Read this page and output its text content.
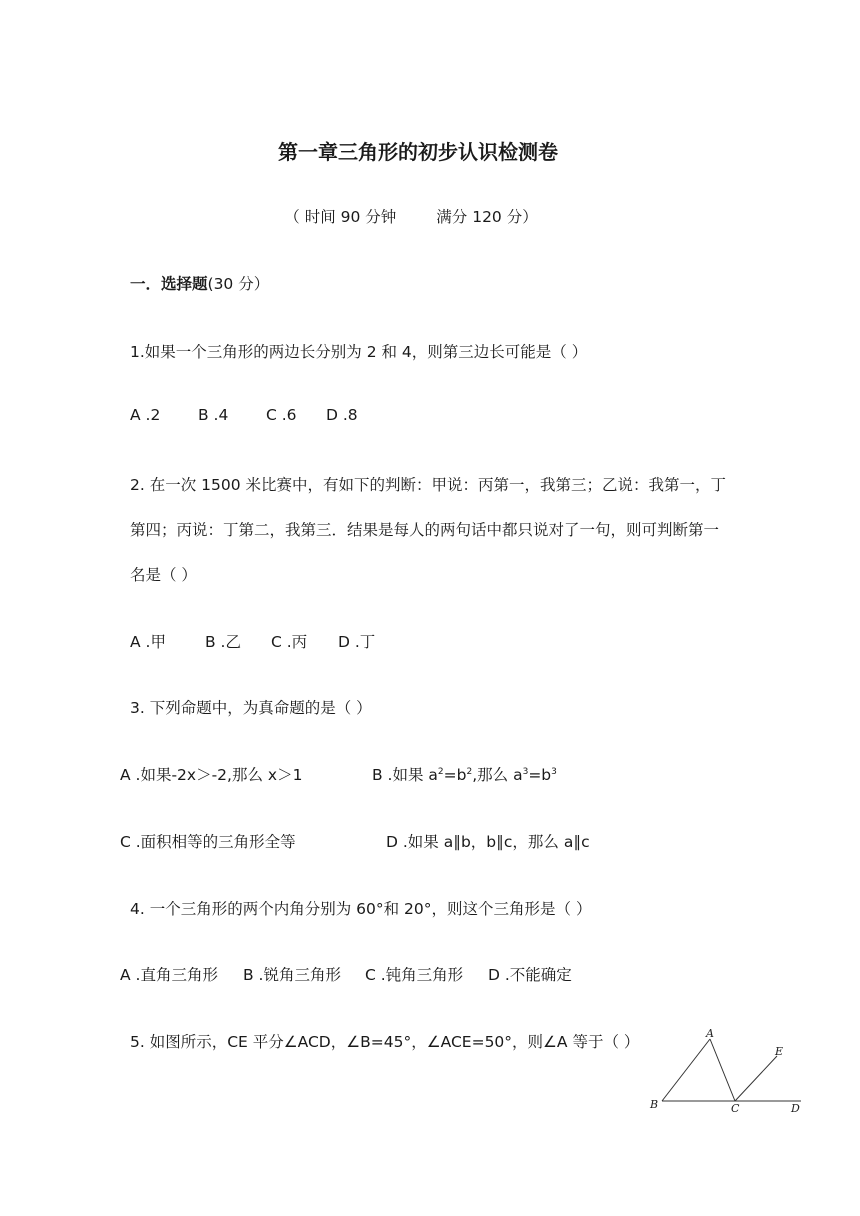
第一章三角形的初步认识检测卷
（ 时间 90 分钟	满分 120 分）
一．选择题(30 分）
1.如果一个三角形的两边长分别为 2 和 4，则第三边长可能是（ ）
A .2 B .4 C .6 D .8
2. 在一次 1500 米比赛中，有如下的判断：甲说：丙第一，我第三；乙说：我第一，丁
第四；丙说：丁第二，我第三．结果是每人的两句话中都只说对了一句，则可判断第一
名是（ ）
A .甲	B .乙 C .丙 D .丁
3. 下列命题中，为真命题的是（ ）
A .如果-2x＞-2,那么 x＞1	B .如果 $a^2=b^2$,那么 $a^3=b^3$
C .面积相等的三角形全等	D .如果 a∥b，b∥c，那么 a∥c
4. 一个三角形的两个内角分别为 60°和 20°，则这个三角形是（ ）
A .直角三角形 B .锐角三角形 C .钝角三角形 D .不能确定
5. 如图所示，CE 平分∠ACD，∠B=45°，∠ACE=50°，则∠A 等于（ ）	A
B	C	D
E
